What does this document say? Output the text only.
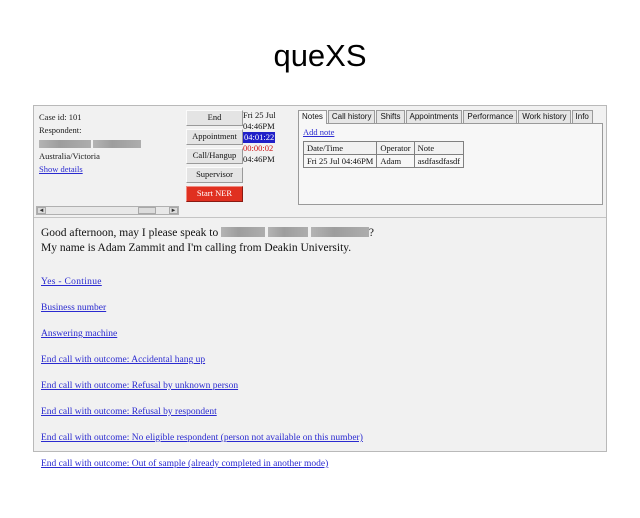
queXS
Case id: 101
Respondent:

Australia/Victoria
Show details
End
Appointment
Call/Hangup
Supervisor
Start NER
Fri 25 Jul
04:46PM
04:01:22
00:00:02
04:46PM
Notes	Call history	Shifts	Appointments	Performance	Work history	Info
Add note
Date/Time	Operator	Note
Fri 25 Jul 04:46PM	Adam	asdfasdfasdf
◄	►
Good afternoon, may I please speak to	?
My name is Adam Zammit and I'm calling from Deakin University.
Yes - Continue
Business number
Answering machine
End call with outcome: Accidental hang up
End call with outcome: Refusal by unknown person
End call with outcome: Refusal by respondent
End call with outcome: No eligible respondent (person not available on this number)
End call with outcome: Out of sample (already completed in another mode)
